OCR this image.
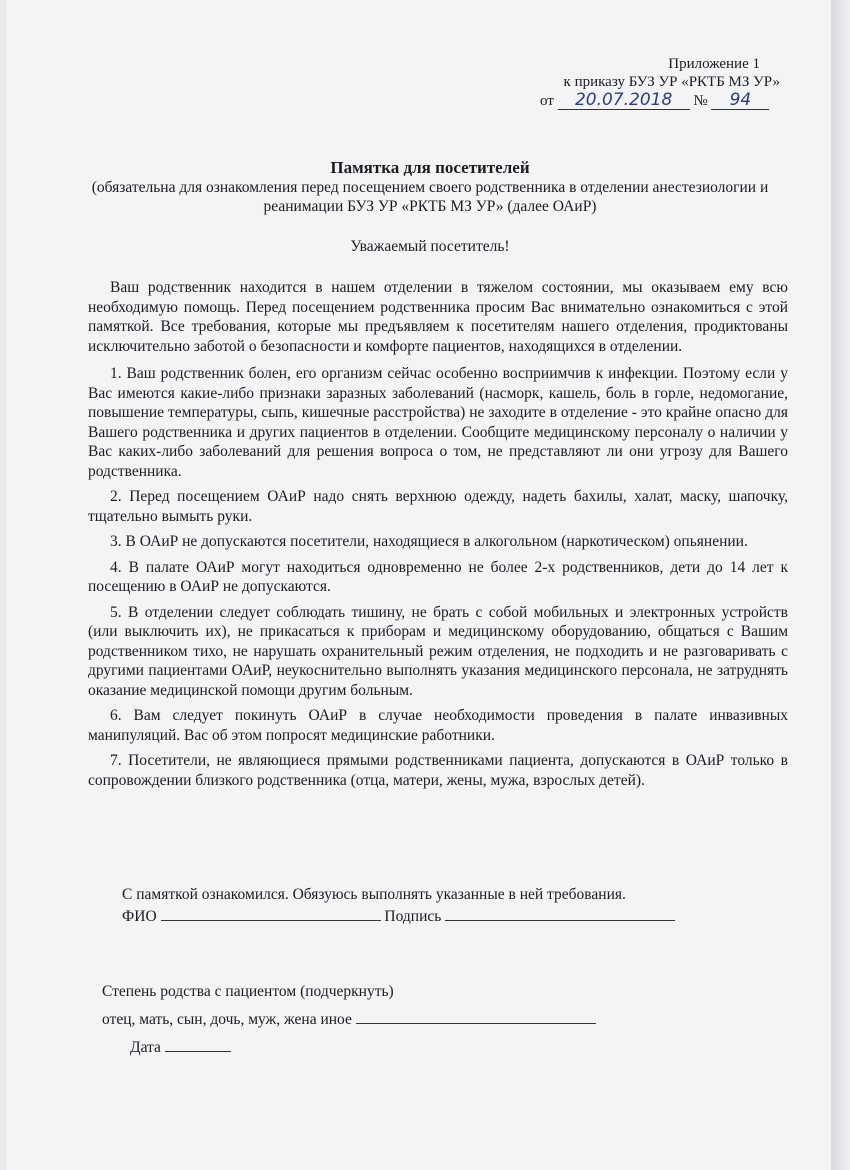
Приложение 1
к приказу БУЗ УР «РКТБ МЗ УР»
от 20.07.2018 № 94
Памятка для посетителей
(обязательна для ознакомления перед посещением своего родственника в отделении анестезиологии и реанимации БУЗ УР «РКТБ МЗ УР» (далее ОАиР)
Уважаемый посетитель!

Ваш родственник находится в нашем отделении в тяжелом состоянии, мы оказываем ему всю необходимую помощь. Перед посещением родственника просим Вас внимательно ознакомиться с этой памяткой. Все требования, которые мы предъявляем к посетителям нашего отделения, продиктованы исключительно заботой о безопасности и комфорте пациентов, находящихся в отделении.

1. Ваш родственник болен, его организм сейчас особенно восприимчив к инфекции. Поэтому если у Вас имеются какие-либо признаки заразных заболеваний (насморк, кашель, боль в горле, недомогание, повышение температуры, сыпь, кишечные расстройства) не заходите в отделение - это крайне опасно для Вашего родственника и других пациентов в отделении. Сообщите медицинскому персоналу о наличии у Вас каких-либо заболеваний для решения вопроса о том, не представляют ли они угрозу для Вашего родственника.

2. Перед посещением ОАиР надо снять верхнюю одежду, надеть бахилы, халат, маску, шапочку, тщательно вымыть руки.

3. В ОАиР не допускаются посетители, находящиеся в алкогольном (наркотическом) опьянении.

4. В палате ОАиР могут находиться одновременно не более 2-х родственников, дети до 14 лет к посещению в ОАиР не допускаются.

5. В отделении следует соблюдать тишину, не брать с собой мобильных и электронных устройств (или выключить их), не прикасаться к приборам и медицинскому оборудованию, общаться с Вашим родственником тихо, не нарушать охранительный режим отделения, не подходить и не разговаривать с другими пациентами ОАиР, неукоснительно выполнять указания медицинского персонала, не затруднять оказание медицинской помощи другим больным.

6. Вам следует покинуть ОАиР в случае необходимости проведения в палате инвазивных манипуляций. Вас об этом попросят медицинские работники.

7. Посетители, не являющиеся прямыми родственниками пациента, допускаются в ОАиР только в сопровождении близкого родственника (отца, матери, жены, мужа, взрослых детей).

С памяткой ознакомился. Обязуюсь выполнять указанные в ней требования.
ФИО	Подпись
Степень родства с пациентом (подчеркнуть)
отец, мать, сын, дочь, муж, жена иное
Дата
